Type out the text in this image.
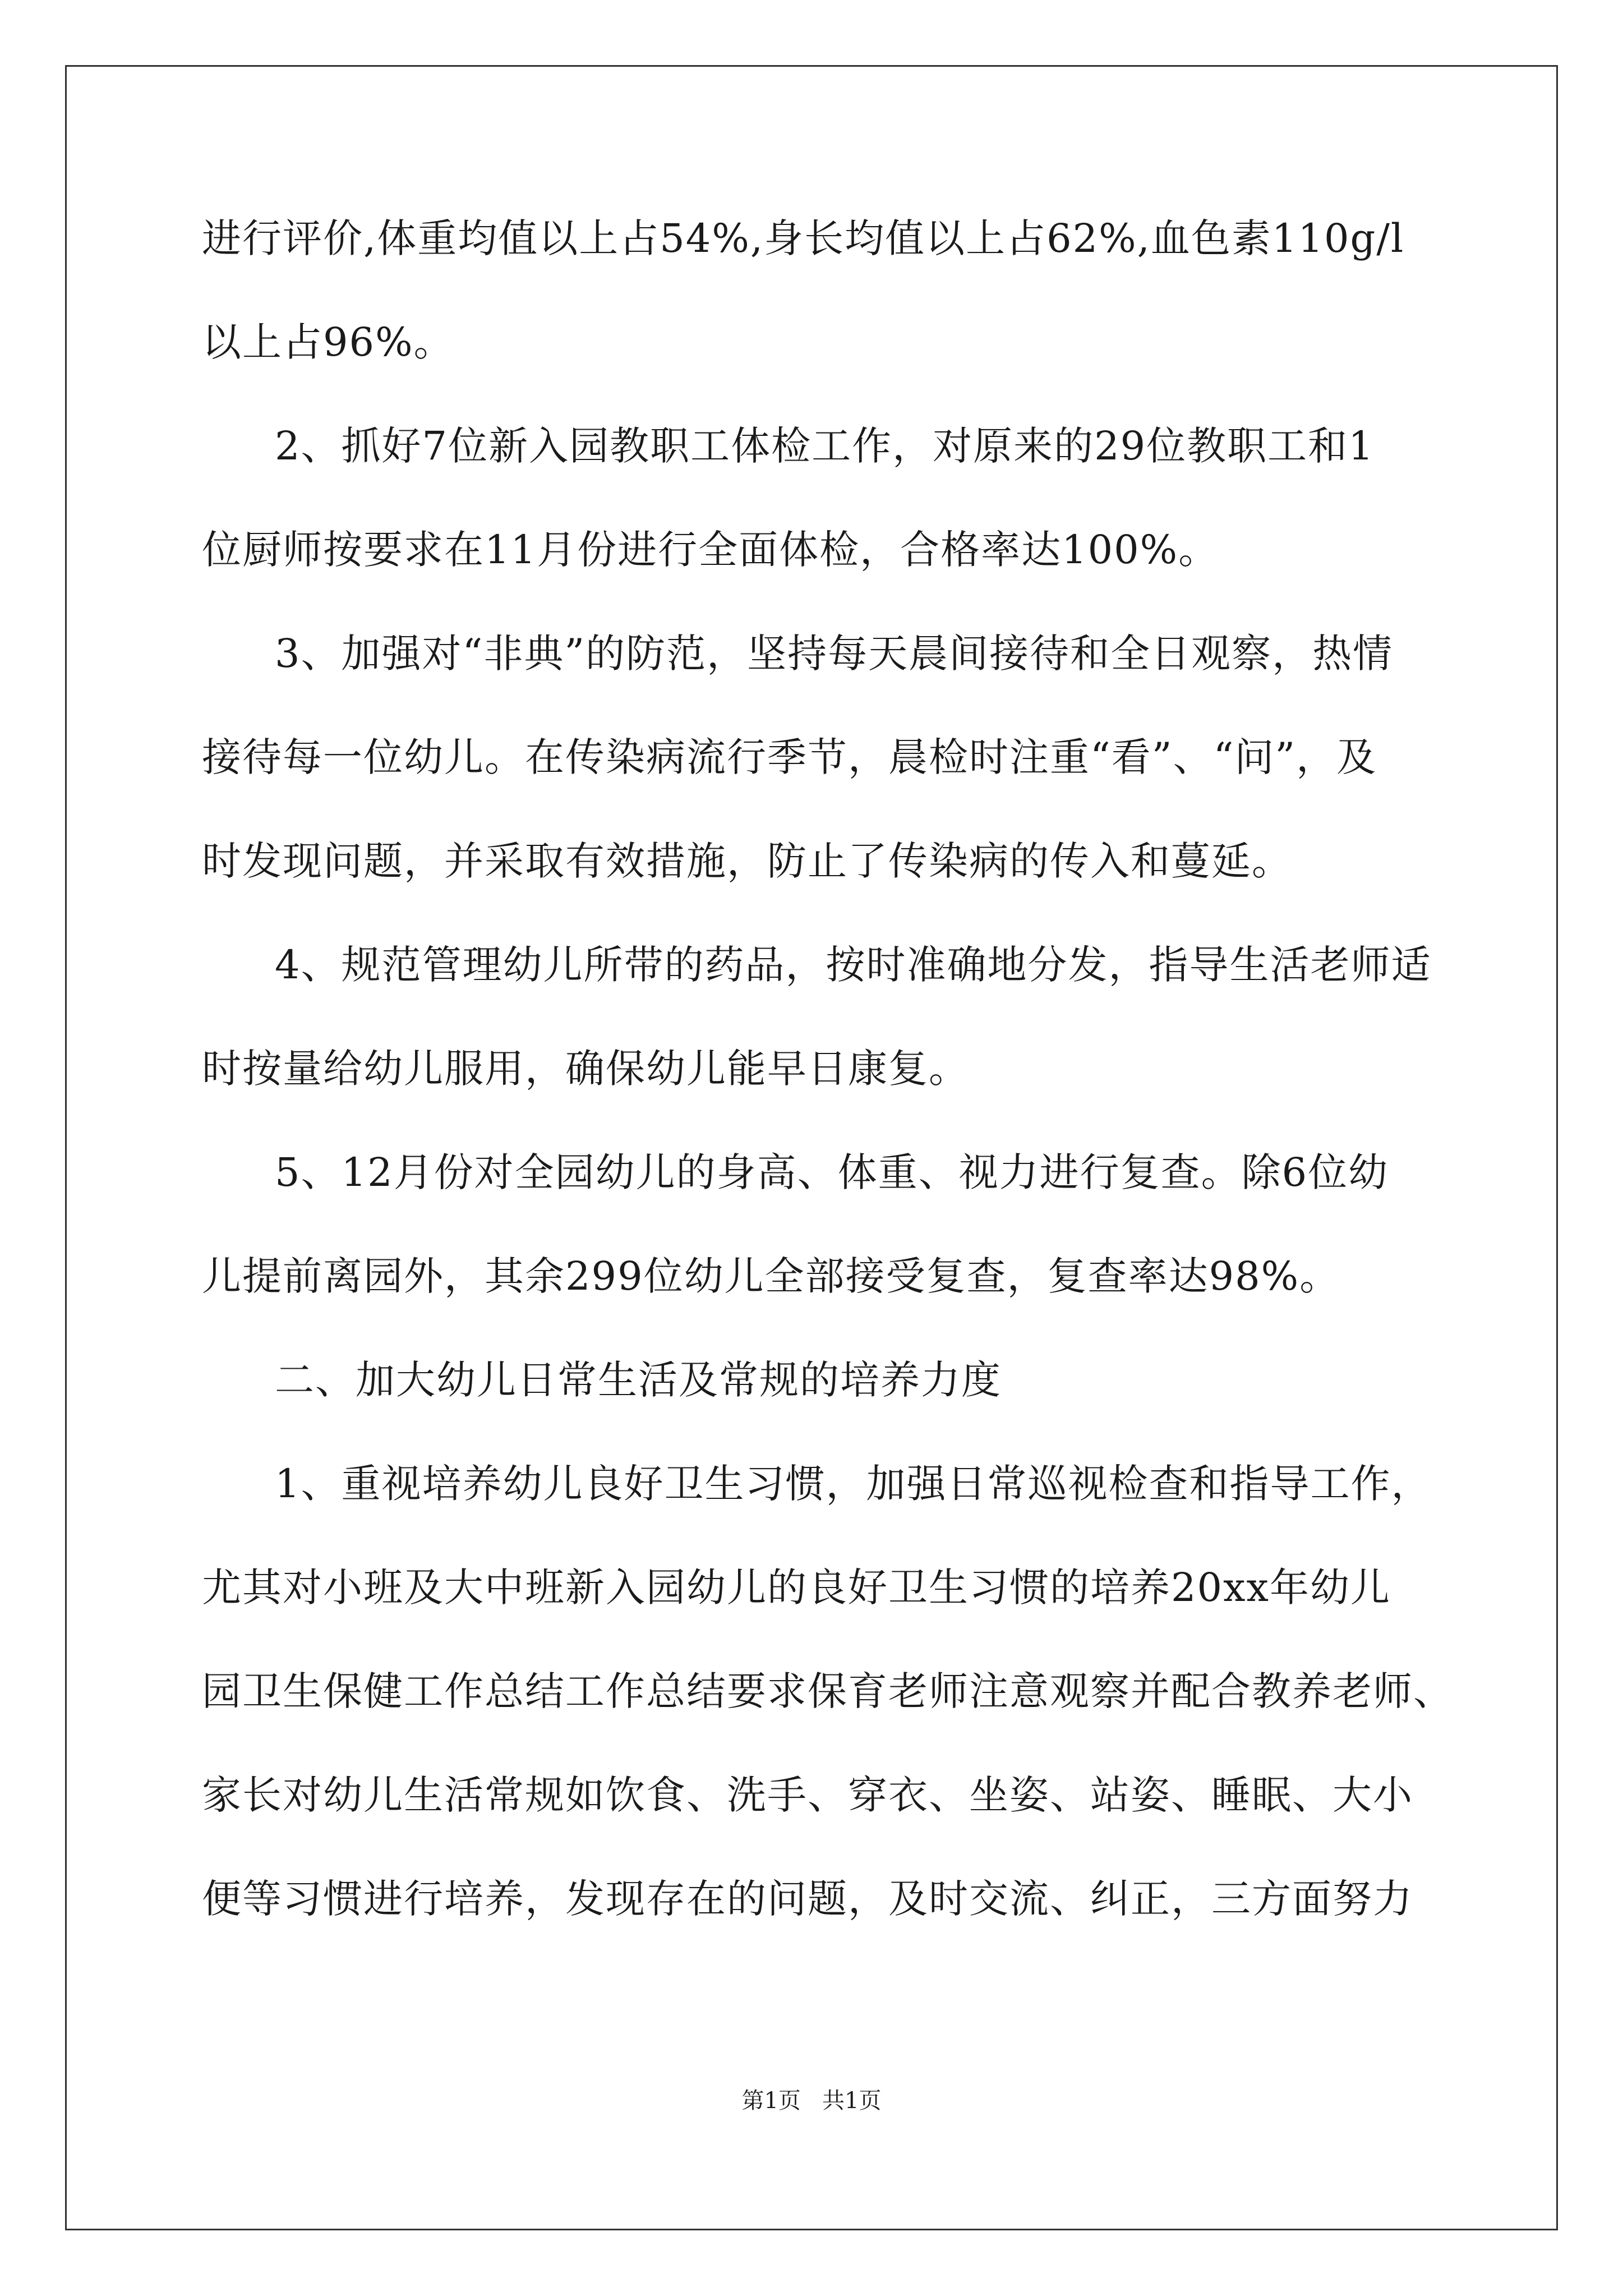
进行评价,体重均值以上占54%,身长均值以上占62%,血色素110g/l
以上占96%。
2、抓好7位新入园教职工体检工作，对原来的29位教职工和1
位厨师按要求在11月份进行全面体检，合格率达100%。
3、加强对“非典”的防范，坚持每天晨间接待和全日观察，热情
接待每一位幼儿。在传染病流行季节，晨检时注重“看”、“问”，及
时发现问题，并采取有效措施，防止了传染病的传入和蔓延。
4、规范管理幼儿所带的药品，按时准确地分发，指导生活老师适
时按量给幼儿服用，确保幼儿能早日康复。
5、12月份对全园幼儿的身高、体重、视力进行复查。除6位幼
儿提前离园外，其余299位幼儿全部接受复查，复查率达98%。
二、加大幼儿日常生活及常规的培养力度
1、重视培养幼儿良好卫生习惯，加强日常巡视检查和指导工作，
尤其对小班及大中班新入园幼儿的良好卫生习惯的培养20xx年幼儿
园卫生保健工作总结工作总结要求保育老师注意观察并配合教养老师、
家长对幼儿生活常规如饮食、洗手、穿衣、坐姿、站姿、睡眠、大小
便等习惯进行培养，发现存在的问题，及时交流、纠正，三方面努力
第1页   共1页
